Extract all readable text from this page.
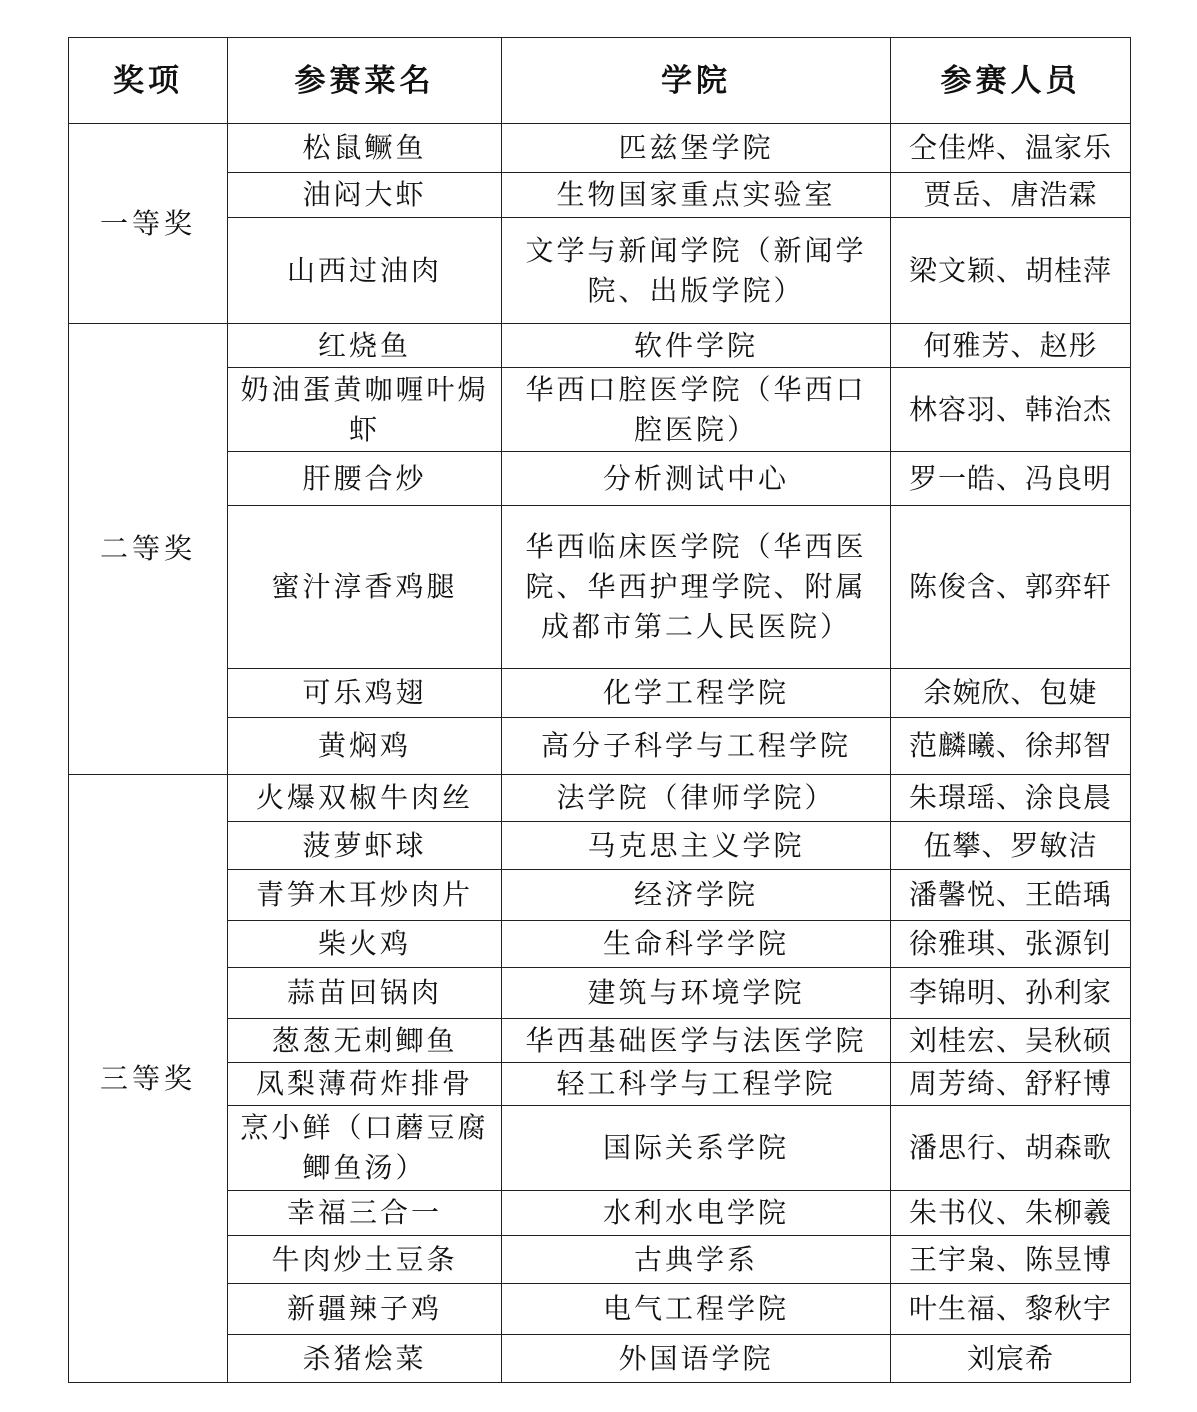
奖项	参赛菜名	学院	参赛人员
一等奖	松鼠鳜鱼	匹兹堡学院	仝佳烨、温家乐
	油闷大虾	生物国家重点实验室	贾岳、唐浩霖
	山西过油肉	文学与新闻学院（新闻学院、出版学院）	梁文颖、胡桂萍
二等奖	红烧鱼	软件学院	何雅芳、赵彤
	奶油蛋黄咖喱叶焗虾	华西口腔医学院（华西口腔医院）	林容羽、韩治杰
	肝腰合炒	分析测试中心	罗一皓、冯良明
	蜜汁淳香鸡腿	华西临床医学院（华西医院、华西护理学院、附属成都市第二人民医院）	陈俊含、郭弈轩
	可乐鸡翅	化学工程学院	余婉欣、包婕
	黄焖鸡	高分子科学与工程学院	范麟曦、徐邦智
三等奖	火爆双椒牛肉丝	法学院（律师学院）	朱璟瑶、涂良晨
	菠萝虾球	马克思主义学院	伍攀、罗敏洁
	青笋木耳炒肉片	经济学院	潘馨悦、王皓瑀
	柴火鸡	生命科学学院	徐雅琪、张源钊
	蒜苗回锅肉	建筑与环境学院	李锦明、孙利家
	葱葱无刺鲫鱼	华西基础医学与法医学院	刘桂宏、吴秋硕
	凤梨薄荷炸排骨	轻工科学与工程学院	周芳绮、舒籽博
	烹小鲜（口蘑豆腐鲫鱼汤）	国际关系学院	潘思行、胡森歌
	幸福三合一	水利水电学院	朱书仪、朱柳羲
	牛肉炒土豆条	古典学系	王宇枭、陈昱博
	新疆辣子鸡	电气工程学院	叶生福、黎秋宇
	杀猪烩菜	外国语学院	刘宸希
